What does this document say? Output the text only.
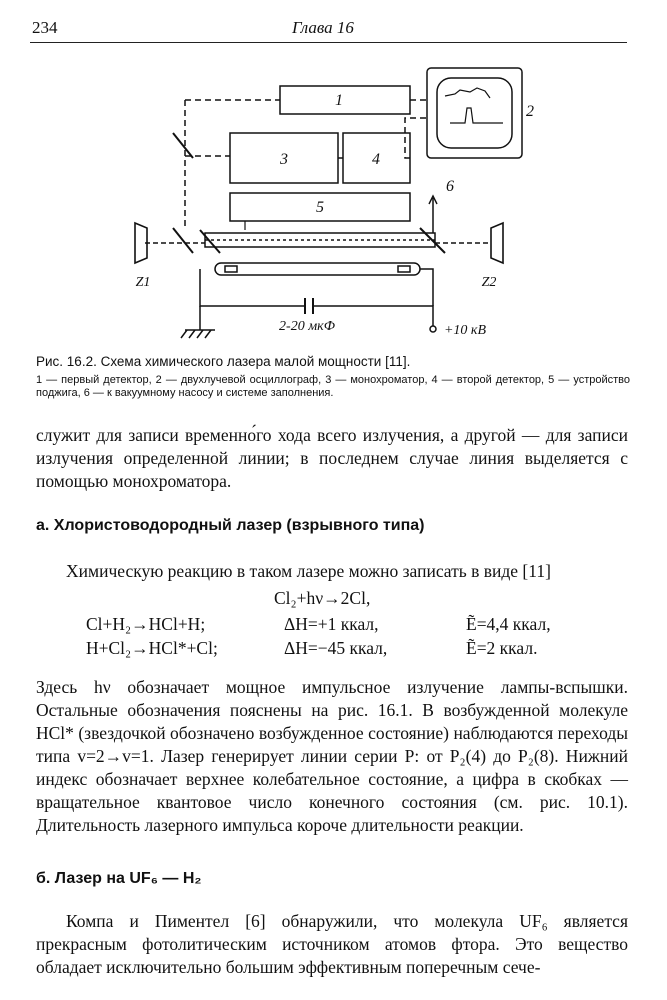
234	Глава 16
1
2
3	4
5
6
Z1	Z2
2-20 мкФ	+10 кВ
Рис. 16.2. Схема химического лазера малой мощности [11].
1 — первый детектор, 2 — двухлучевой осциллограф, 3 — монохроматор, 4 — второй детектор, 5 — устройство поджига, 6 — к вакуумному насосу и системе заполнения.
служит для записи временно́го хода всего излучения, а другой — для записи излучения определенной линии; в последнем случае линия выделяется с помощью монохроматора.
а. Хлористоводородный лазер (взрывного типа)
Химическую реакцию в таком лазере можно записать в виде [11]
Cl₂+hν→2Cl,
Cl+H₂→HCl+H;	ΔH=+1 ккал,	Ẽ=4,4 ккал,
H+Cl₂→HCl*+Cl;	ΔH=−45 ккал,	Ẽ=2 ккал.
Здесь hν обозначает мощное импульсное излучение лампы-вспышки. Остальные обозначения пояснены на рис. 16.1. В возбужденной молекуле HCl* (звездочкой обозначено возбужденное состояние) наблюдаются переходы типа v=2→v=1. Лазер генерирует линии серии P: от P₂(4) до P₂(8). Нижний индекс обозначает верхнее колебательное состояние, а цифра в скобках — вращательное квантовое число конечного состояния (см. рис. 10.1). Длительность лазерного импульса короче длительности реакции.
б. Лазер на UF₆ — H₂
Компа и Пиментел [6] обнаружили, что молекула UF₆ является прекрасным фотолитическим источником атомов фтора. Это вещество обладает исключительно большим эффективным поперечным сече-
